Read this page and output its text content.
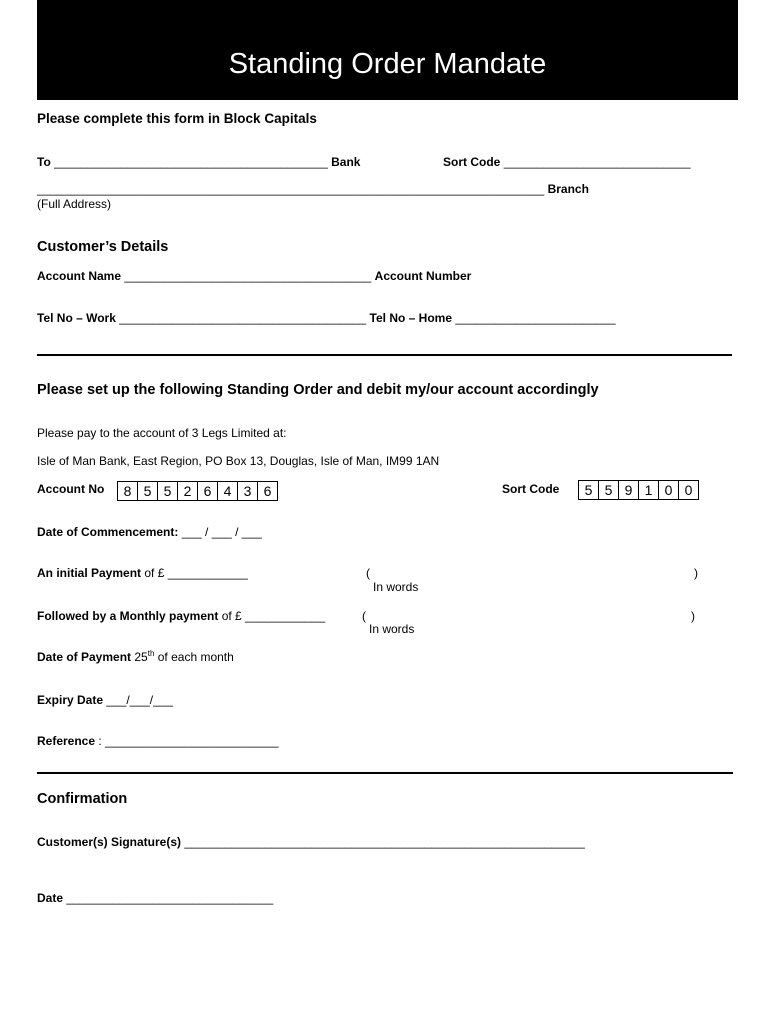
Standing Order Mandate
Please complete this form in Block Capitals
To _________________________________________ Bank	Sort Code ____________________________
____________________________________________________________________________ Branch
(Full Address)
Customer’s Details
Account Name _____________________________________ Account Number
Tel No – Work _____________________________________ Tel No – Home ________________________
Please set up the following Standing Order and debit my/our account accordingly
Please pay to the account of 3 Legs Limited at:
Isle of Man Bank, East Region, PO Box 13, Douglas, Isle of Man, IM99 1AN
Account No	8 5 5 2 6 4 3 6	Sort Code	5 5 9 1 0 0
Date of Commencement: ___ / ___ / ___
An initial Payment of £ ____________	(	)
In words
Followed by a Monthly payment of £ ____________	(	)
In words
Date of Payment 25th of each month
Expiry Date ___/___/___
Reference : __________________________
Confirmation
Customer(s) Signature(s) ____________________________________________________________
Date _______________________________
